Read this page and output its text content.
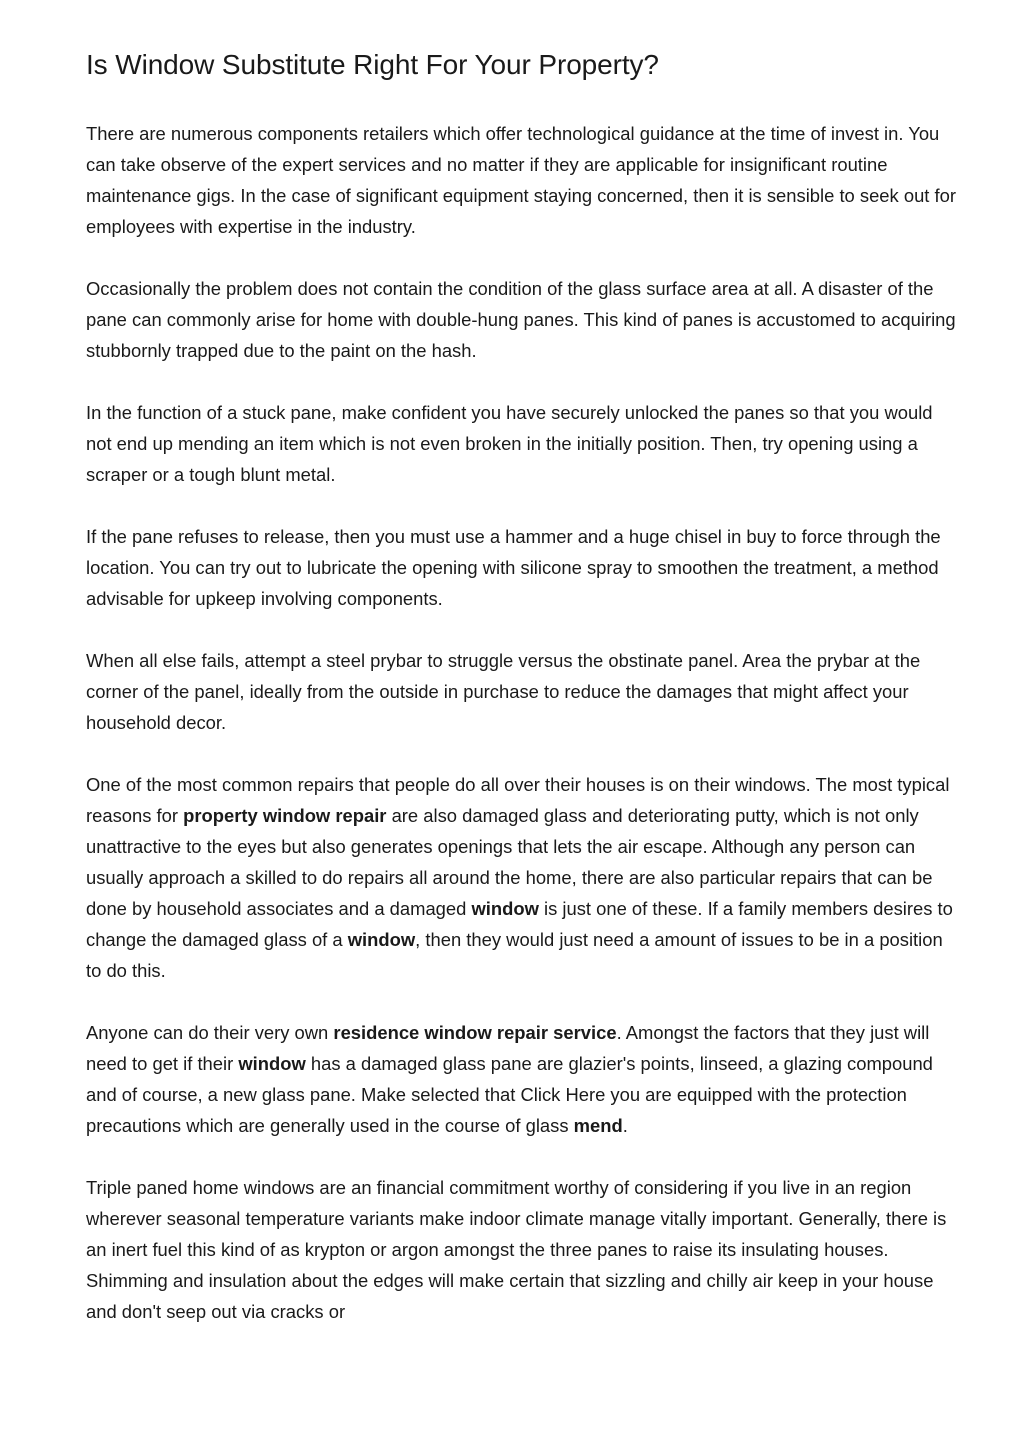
Is Window Substitute Right For Your Property?

There are numerous components retailers which offer technological guidance at the time of invest in. You can take observe of the expert services and no matter if they are applicable for insignificant routine maintenance gigs. In the case of significant equipment staying concerned, then it is sensible to seek out for employees with expertise in the industry.

Occasionally the problem does not contain the condition of the glass surface area at all. A disaster of the pane can commonly arise for home with double-hung panes. This kind of panes is accustomed to acquiring stubbornly trapped due to the paint on the hash.

In the function of a stuck pane, make confident you have securely unlocked the panes so that you would not end up mending an item which is not even broken in the initially position. Then, try opening using a scraper or a tough blunt metal.

If the pane refuses to release, then you must use a hammer and a huge chisel in buy to force through the location. You can try out to lubricate the opening with silicone spray to smoothen the treatment, a method advisable for upkeep involving components.

When all else fails, attempt a steel prybar to struggle versus the obstinate panel. Area the prybar at the corner of the panel, ideally from the outside in purchase to reduce the damages that might affect your household decor.

One of the most common repairs that people do all over their houses is on their windows. The most typical reasons for property window repair are also damaged glass and deteriorating putty, which is not only unattractive to the eyes but also generates openings that lets the air escape. Although any person can usually approach a skilled to do repairs all around the home, there are also particular repairs that can be done by household associates and a damaged window is just one of these. If a family members desires to change the damaged glass of a window, then they would just need a amount of issues to be in a position to do this.

Anyone can do their very own residence window repair service. Amongst the factors that they just will need to get if their window has a damaged glass pane are glazier's points, linseed, a glazing compound and of course, a new glass pane. Make selected that Click Here you are equipped with the protection precautions which are generally used in the course of glass mend.

Triple paned home windows are an financial commitment worthy of considering if you live in an region wherever seasonal temperature variants make indoor climate manage vitally important. Generally, there is an inert fuel this kind of as krypton or argon amongst the three panes to raise its insulating houses. Shimming and insulation about the edges will make certain that sizzling and chilly air keep in your house and don't seep out via cracks or
